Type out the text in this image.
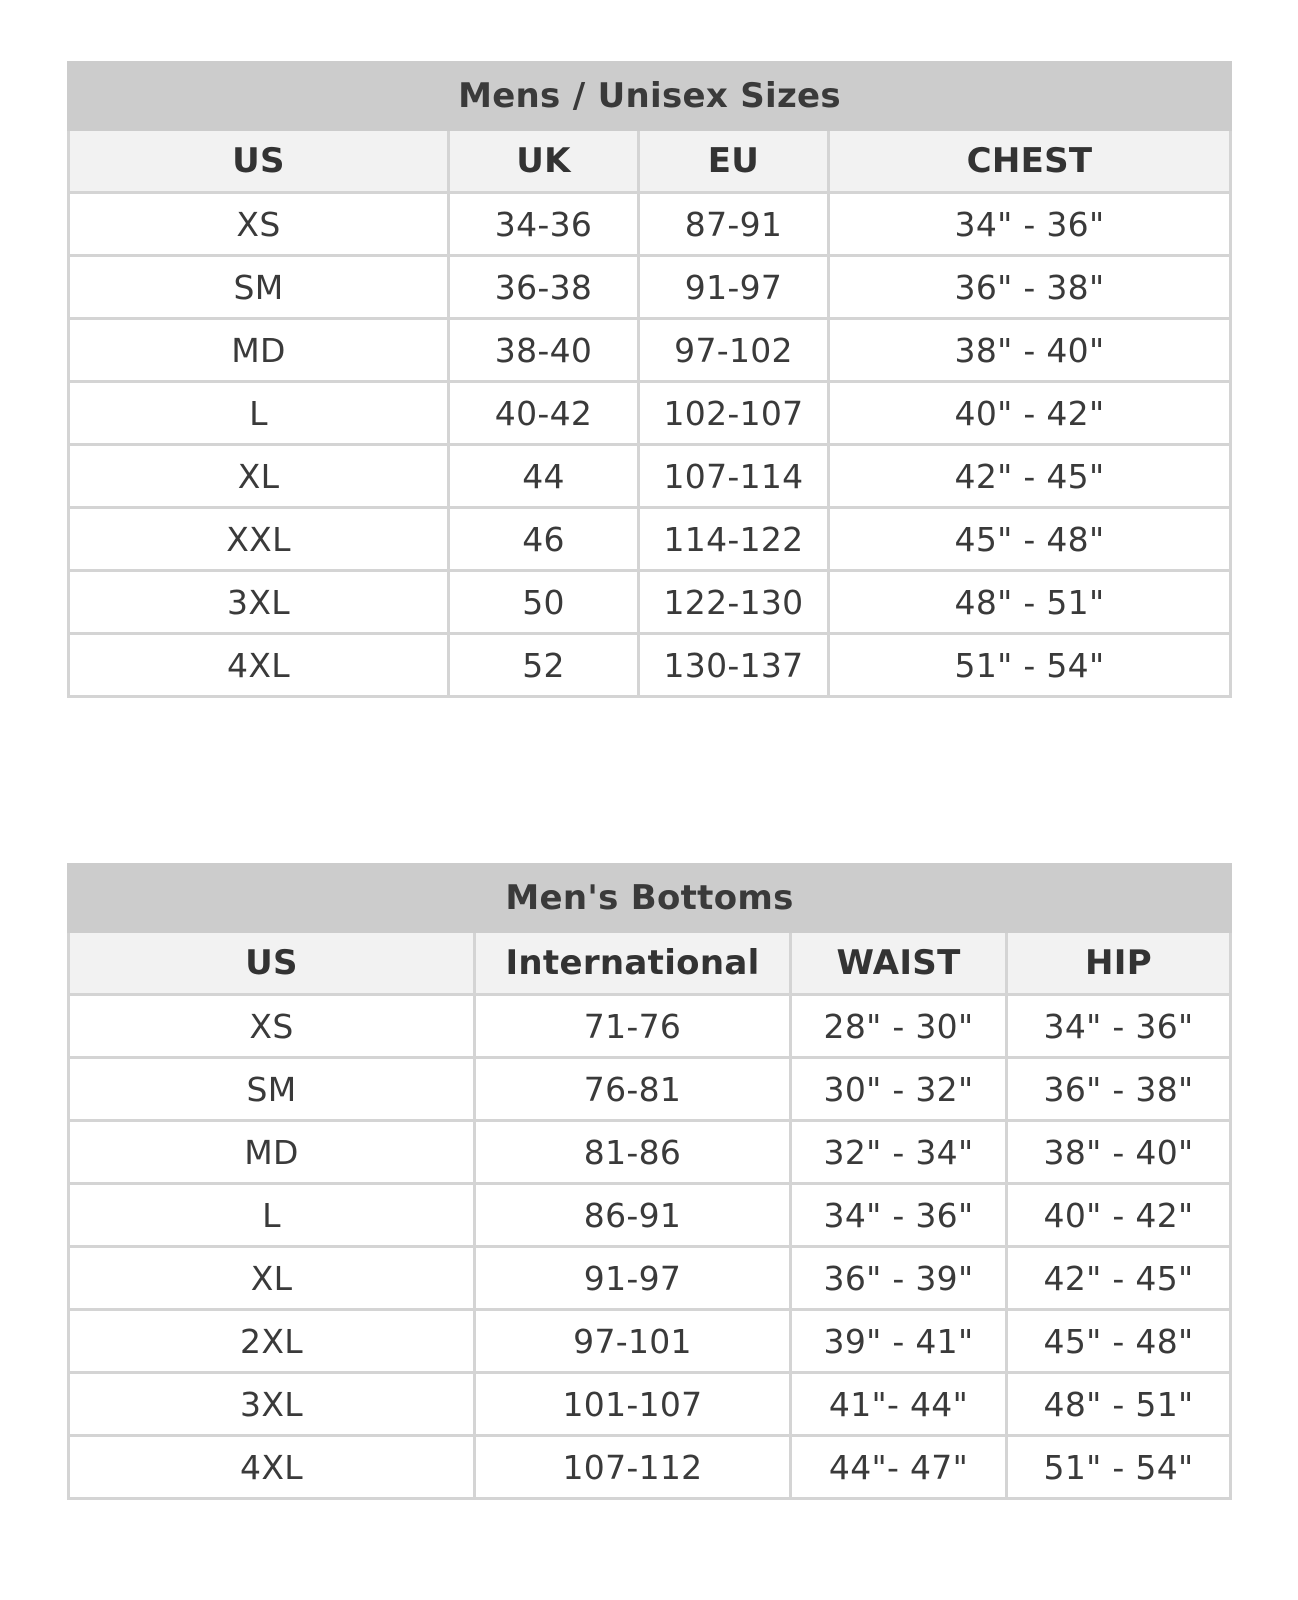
Mens / Unisex Sizes			
US	UK	EU	CHEST
XS	34-36	87-91	34" - 36"
SM	36-38	91-97	36" - 38"
MD	38-40	97-102	38" - 40"
L	40-42	102-107	40" - 42"
XL	44	107-114	42" - 45"
XXL	46	114-122	45" - 48"
3XL	50	122-130	48" - 51"
4XL	52	130-137	51" - 54"
Men's Bottoms			
US	International	WAIST	HIP
XS	71-76	28" - 30"	34" - 36"
SM	76-81	30" - 32"	36" - 38"
MD	81-86	32" - 34"	38" - 40"
L	86-91	34" - 36"	40" - 42"
XL	91-97	36" - 39"	42" - 45"
2XL	97-101	39" - 41"	45" - 48"
3XL	101-107	41"- 44"	48" - 51"
4XL	107-112	44"- 47"	51" - 54"
